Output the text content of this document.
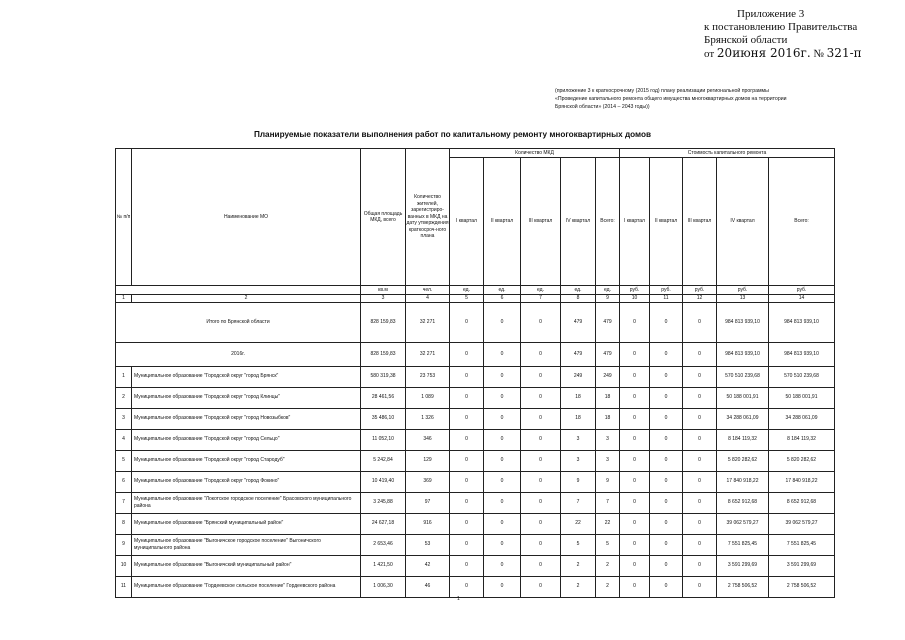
Приложение 3
к постановлению Правительства
Брянской области
от 20июня 2016г. № 321-п
(приложение 3 к краткосрочному (2015 год) плану реализации региональной программы
«Проведение капитального ремонта общего имущества многоквартирных домов на территории
Брянской области» (2014 – 2043 годы))
Планируемые показатели выполнения работ по капитальному ремонту многоквартирных домов
№ п/п	Наименование МО	Общая площадь МКД, всего	Количество жителей, зарегистриро-ванных в МКД на дату утверждения краткосроч-ного плана	Количество МКД					Стоимость капитального ремонта				
				I квартал	II квартал	III квартал	IV квартал	Всего:	I квартал	II квартал	III квартал	IV квартал	Всего:
		кв.м	чел.	ед.	ед.	ед.	ед.	ед.	руб.	руб.	руб.	руб.	руб.
1	2	3	4	5	6	7	8	9	10	11	12	13	14
Итого по Брянской области		828 159,83	32 271	0	0	0	479	479	0	0	0	984 813 939,10	984 813 939,10
2016г.		828 159,83	32 271	0	0	0	479	479	0	0	0	984 813 939,10	984 813 939,10
1	Муниципальное образование "Городской округ "город Брянск"	580 319,38	23 753	0	0	0	249	249	0	0	0	570 510 239,68	570 510 239,68
2	Муниципальное образование "Городской округ "город Клинцы"	28 461,56	1 089	0	0	0	18	18	0	0	0	50 188 001,91	50 188 001,91
3	Муниципальное образование "Городской округ "город Новозыбков"	35 486,10	1 326	0	0	0	18	18	0	0	0	34 288 061,09	34 288 061,09
4	Муниципальное образование "Городской округ "город Сельцо"	11 052,10	346	0	0	0	3	3	0	0	0	8 184 119,32	8 184 119,32
5	Муниципальное образование "Городской округ "город Стародуб"	5 242,84	129	0	0	0	3	3	0	0	0	5 820 282,62	5 820 282,62
6	Муниципальное образование "Городской округ "город Фокино"	10 419,40	369	0	0	0	9	9	0	0	0	17 840 918,22	17 840 918,22
7	Муниципальное образование "Локотское городское поселение" Брасовского муниципального района	3 245,88	97	0	0	0	7	7	0	0	0	8 652 912,68	8 652 912,68
8	Муниципальное образование "Брянский муниципальный район"	24 627,18	916	0	0	0	22	22	0	0	0	39 062 579,27	39 062 579,27
9	Муниципальное образование "Выгоничское городское поселение" Выгоничского муниципального района	2 653,46	53	0	0	0	5	5	0	0	0	7 551 825,45	7 551 825,45
10	Муниципальное образование "Выгоничский муниципальный район"	1 421,50	42	0	0	0	2	2	0	0	0	3 591 299,69	3 591 299,69
11	Муниципальное образование "Гордеевское сельское поселение" Гордеевского района	1 006,30	46	0	0	0	2	2	0	0	0	2 758 506,52	2 758 506,52
1
